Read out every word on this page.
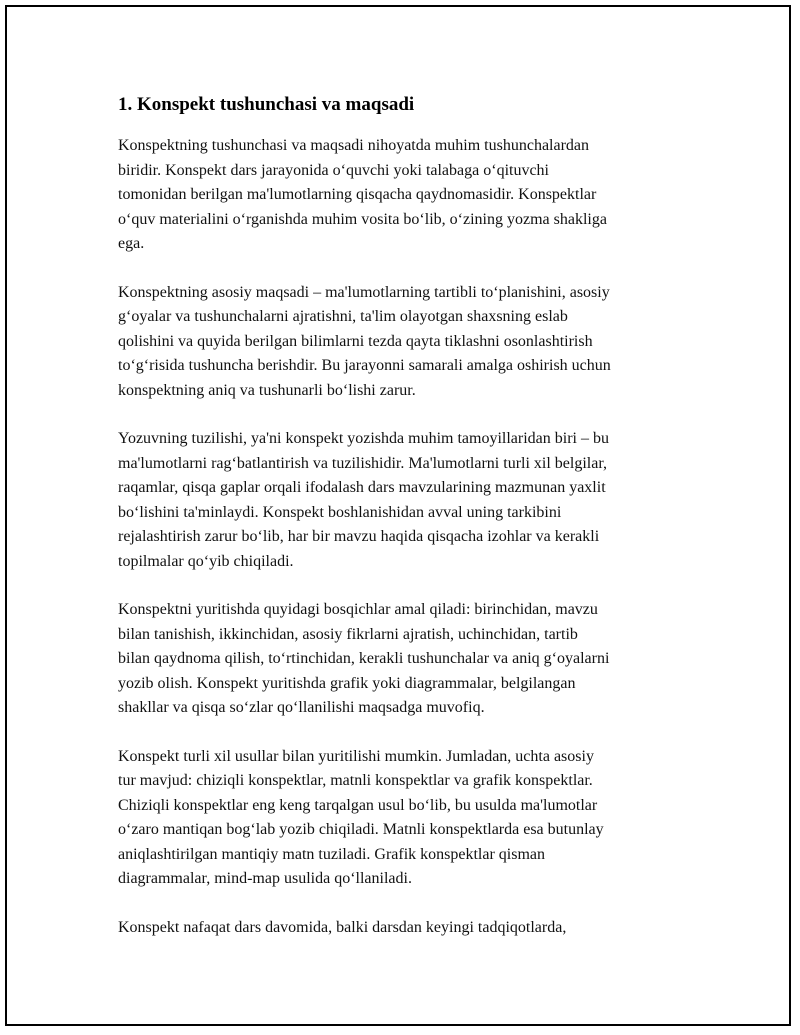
1. Konspekt tushunchasi va maqsadi

Konspektning tushunchasi va maqsadi nihoyatda muhim tushunchalardan
biridir. Konspekt dars jarayonida o‘quvchi yoki talabaga o‘qituvchi
tomonidan berilgan ma'lumotlarning qisqacha qaydnomasidir. Konspektlar
o‘quv materialini o‘rganishda muhim vosita bo‘lib, o‘zining yozma shakliga
ega.

Konspektning asosiy maqsadi – ma'lumotlarning tartibli to‘planishini, asosiy
g‘oyalar va tushunchalarni ajratishni, ta'lim olayotgan shaxsning eslab
qolishini va quyida berilgan bilimlarni tezda qayta tiklashni osonlashtirish
to‘g‘risida tushuncha berishdir. Bu jarayonni samarali amalga oshirish uchun
konspektning aniq va tushunarli bo‘lishi zarur.

Yozuvning tuzilishi, ya'ni konspekt yozishda muhim tamoyillaridan biri – bu
ma'lumotlarni rag‘batlantirish va tuzilishidir. Ma'lumotlarni turli xil belgilar,
raqamlar, qisqa gaplar orqali ifodalash dars mavzularining mazmunan yaxlit
bo‘lishini ta'minlaydi. Konspekt boshlanishidan avval uning tarkibini
rejalashtirish zarur bo‘lib, har bir mavzu haqida qisqacha izohlar va kerakli
topilmalar qo‘yib chiqiladi.

Konspektni yuritishda quyidagi bosqichlar amal qiladi: birinchidan, mavzu
bilan tanishish, ikkinchidan, asosiy fikrlarni ajratish, uchinchidan, tartib
bilan qaydnoma qilish, to‘rtinchidan, kerakli tushunchalar va aniq g‘oyalarni
yozib olish. Konspekt yuritishda grafik yoki diagrammalar, belgilangan
shakllar va qisqa so‘zlar qo‘llanilishi maqsadga muvofiq.

Konspekt turli xil usullar bilan yuritilishi mumkin. Jumladan, uchta asosiy
tur mavjud: chiziqli konspektlar, matnli konspektlar va grafik konspektlar.
Chiziqli konspektlar eng keng tarqalgan usul bo‘lib, bu usulda ma'lumotlar
o‘zaro mantiqan bog‘lab yozib chiqiladi. Matnli konspektlarda esa butunlay
aniqlashtirilgan mantiqiy matn tuziladi. Grafik konspektlar qisman
diagrammalar, mind-map usulida qo‘llaniladi.

Konspekt nafaqat dars davomida, balki darsdan keyingi tadqiqotlarda,
